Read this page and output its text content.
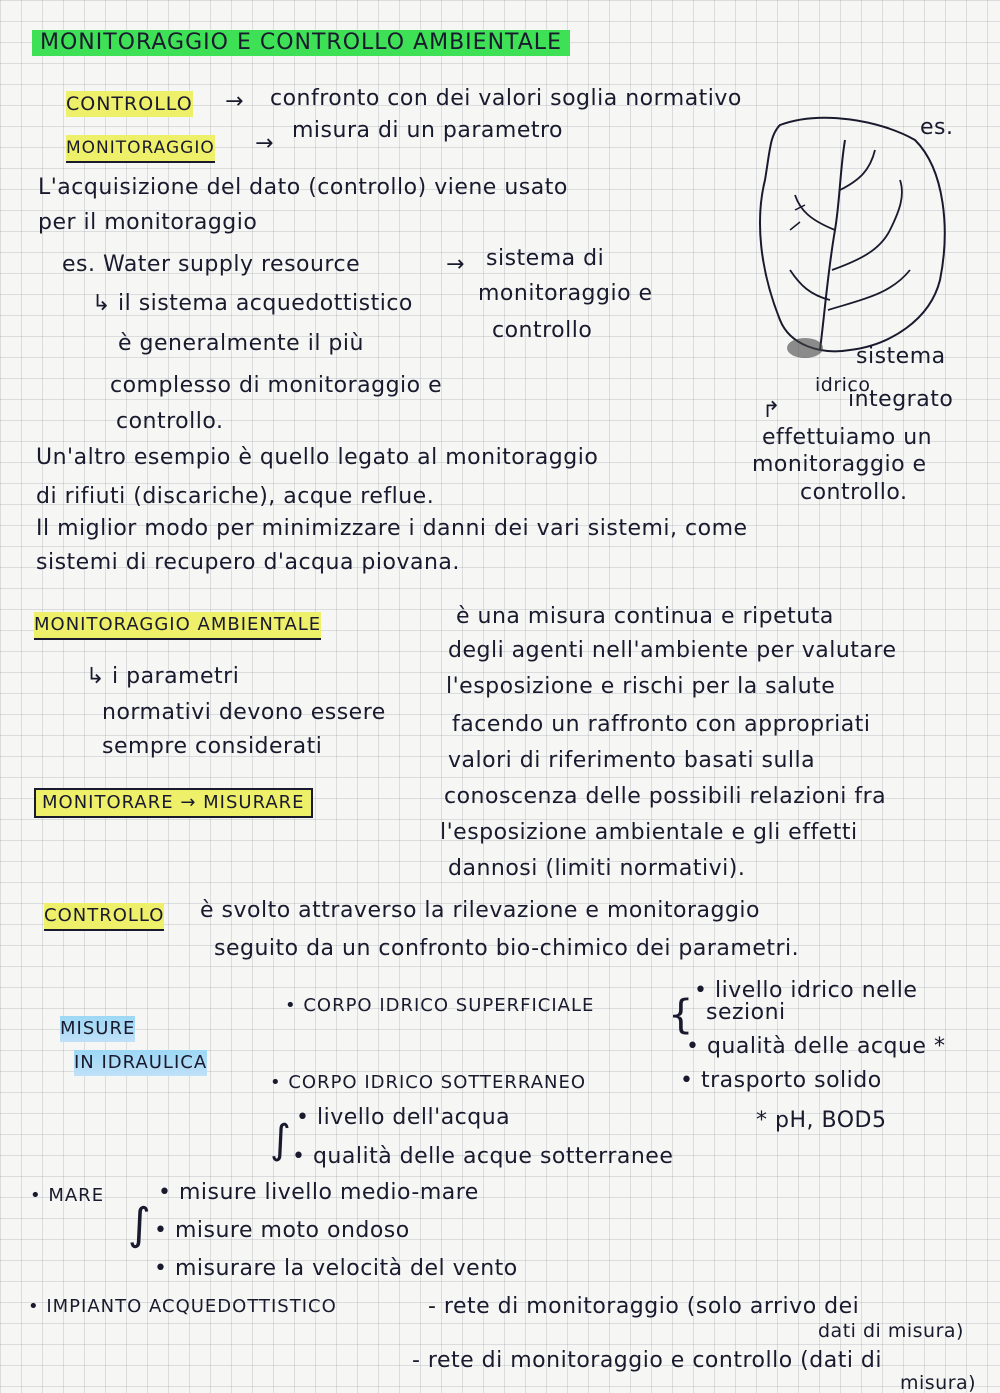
MONITORAGGIO E CONTROLLO AMBIENTALE
CONTROLLO → confronto con dei valori soglia normativo
MONITORAGGIO →
misura di un parametro	es.
L'acquisizione del dato (controllo) viene usato
per il monitoraggio
es. Water supply resource	→ sistema di
monitoraggio e
controllo
↳ il sistema acquedottistico
è generalmente il più
complesso di monitoraggio e
controllo.
sistema
idrico
integrato
↱
effettuiamo un
monitoraggio e
controllo.
Un'altro esempio è quello legato al monitoraggio
di rifiuti (discariche), acque reflue.
Il miglior modo per minimizzare i danni dei vari sistemi, come
sistemi di recupero d'acqua piovana.
MONITORAGGIO AMBIENTALE	è una misura continua e ripetuta
degli agenti nell'ambiente per valutare
l'esposizione e rischi per la salute
facendo un raffronto con appropriati
valori di riferimento basati sulla
conoscenza delle possibili relazioni fra
l'esposizione ambientale e gli effetti
dannosi (limiti normativi).
↳ i parametri
normativi devono essere
sempre considerati
MONITORARE → MISURARE
CONTROLLO è svolto attraverso la rilevazione e monitoraggio
seguito da un confronto bio-chimico dei parametri.
MISURE
IN IDRAULICA
• CORPO IDRICO SUPERFICIALE {
• livello idrico nelle
sezioni
• qualità delle acque *
• trasporto solido
• CORPO IDRICO SOTTERRANEO
* pH, BOD5
∫ • livello dell'acqua
• qualità delle acque sotterranee
• MARE
∫
• misure livello medio-mare
• misure moto ondoso
• misurare la velocità del vento
• IMPIANTO ACQUEDOTTISTICO	- rete di monitoraggio (solo arrivo dei
dati di misura)
- rete di monitoraggio e controllo (dati di
misura)
